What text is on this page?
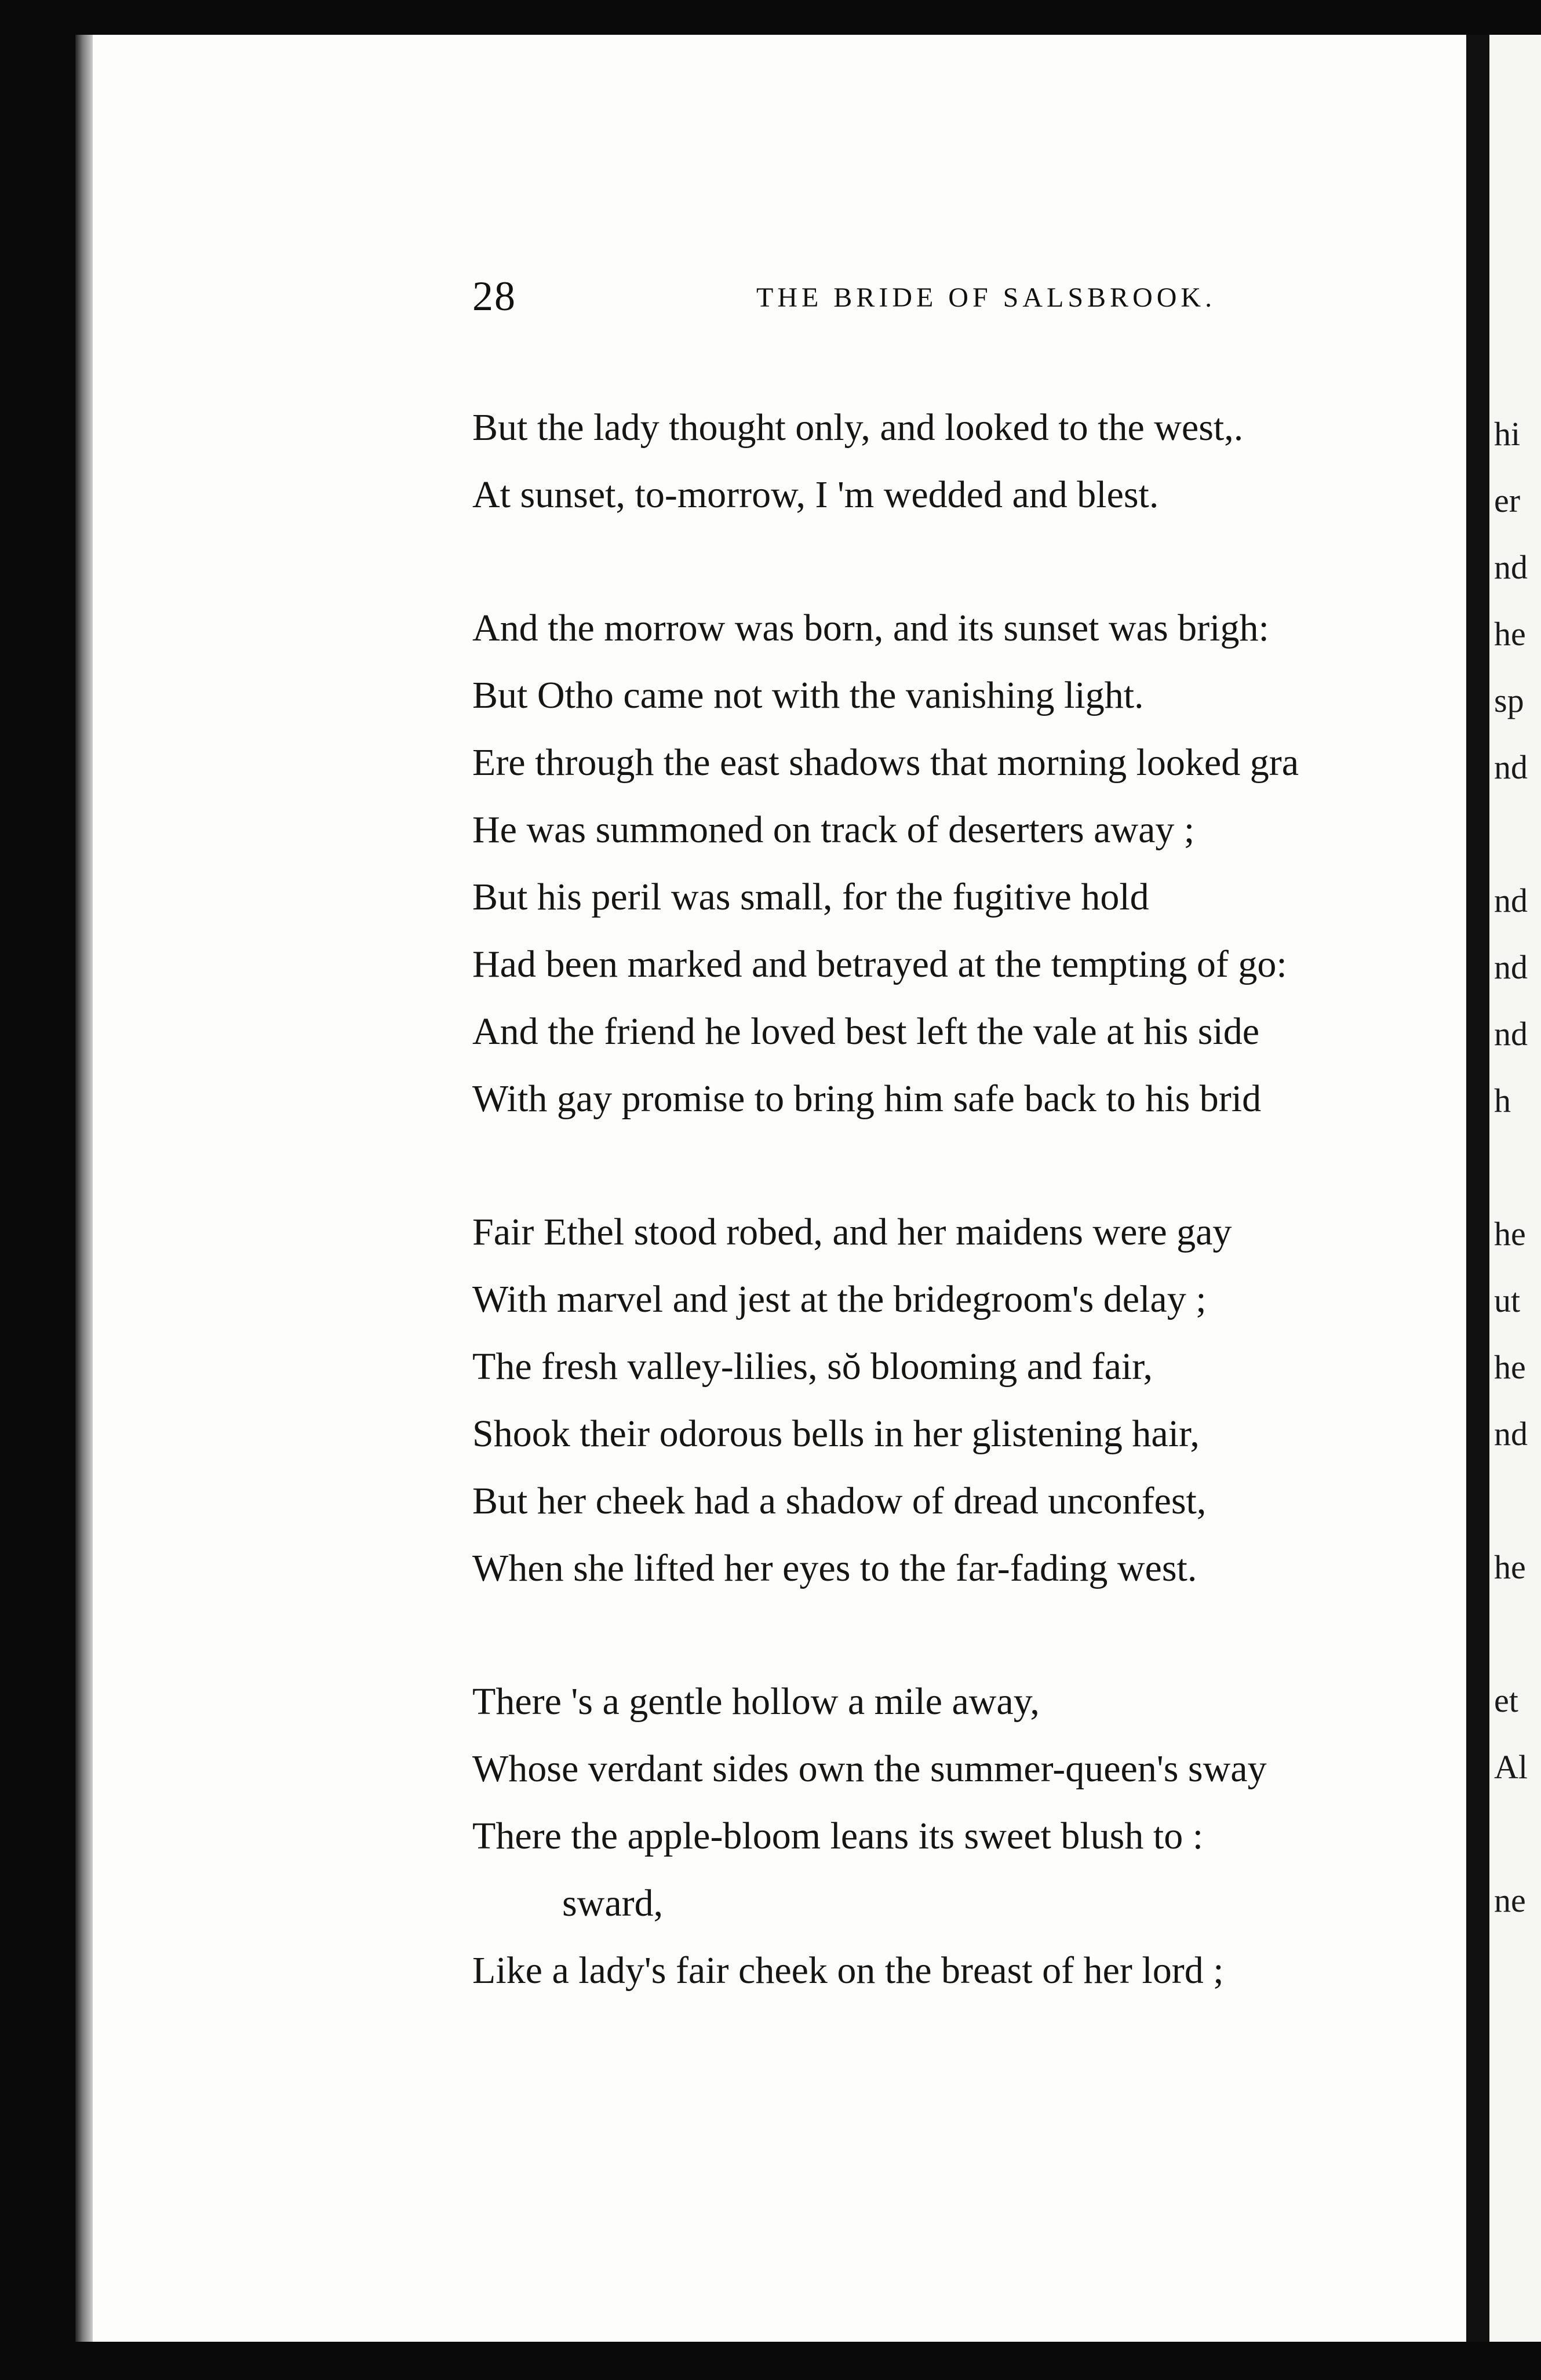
hi
er
nd
he
sp
nd
nd
nd
nd
h
he
ut
he
nd
he
et
Al
ne
28	THE BRIDE OF SALSBROOK.
But the lady thought only, and looked to the west,.
At sunset, to-morrow, I 'm wedded and blest.
And the morrow was born, and its sunset was brigh:
But Otho came not with the vanishing light.
Ere through the east shadows that morning looked gra
He was summoned on track of deserters away ;
But his peril was small, for the fugitive hold
Had been marked and betrayed at the tempting of go:
And the friend he loved best left the vale at his side
With gay promise to bring him safe back to his brid
Fair Ethel stood robed, and her maidens were gay
With marvel and jest at the bridegroom's delay ;
The fresh valley-lilies, sŏ blooming and fair,
Shook their odorous bells in her glistening hair,
But her cheek had a shadow of dread unconfest,
When she lifted her eyes to the far-fading west.
There 's a gentle hollow a mile away,
Whose verdant sides own the summer-queen's sway
There the apple-bloom leans its sweet blush to :
sward,
Like a lady's fair cheek on the breast of her lord ;
